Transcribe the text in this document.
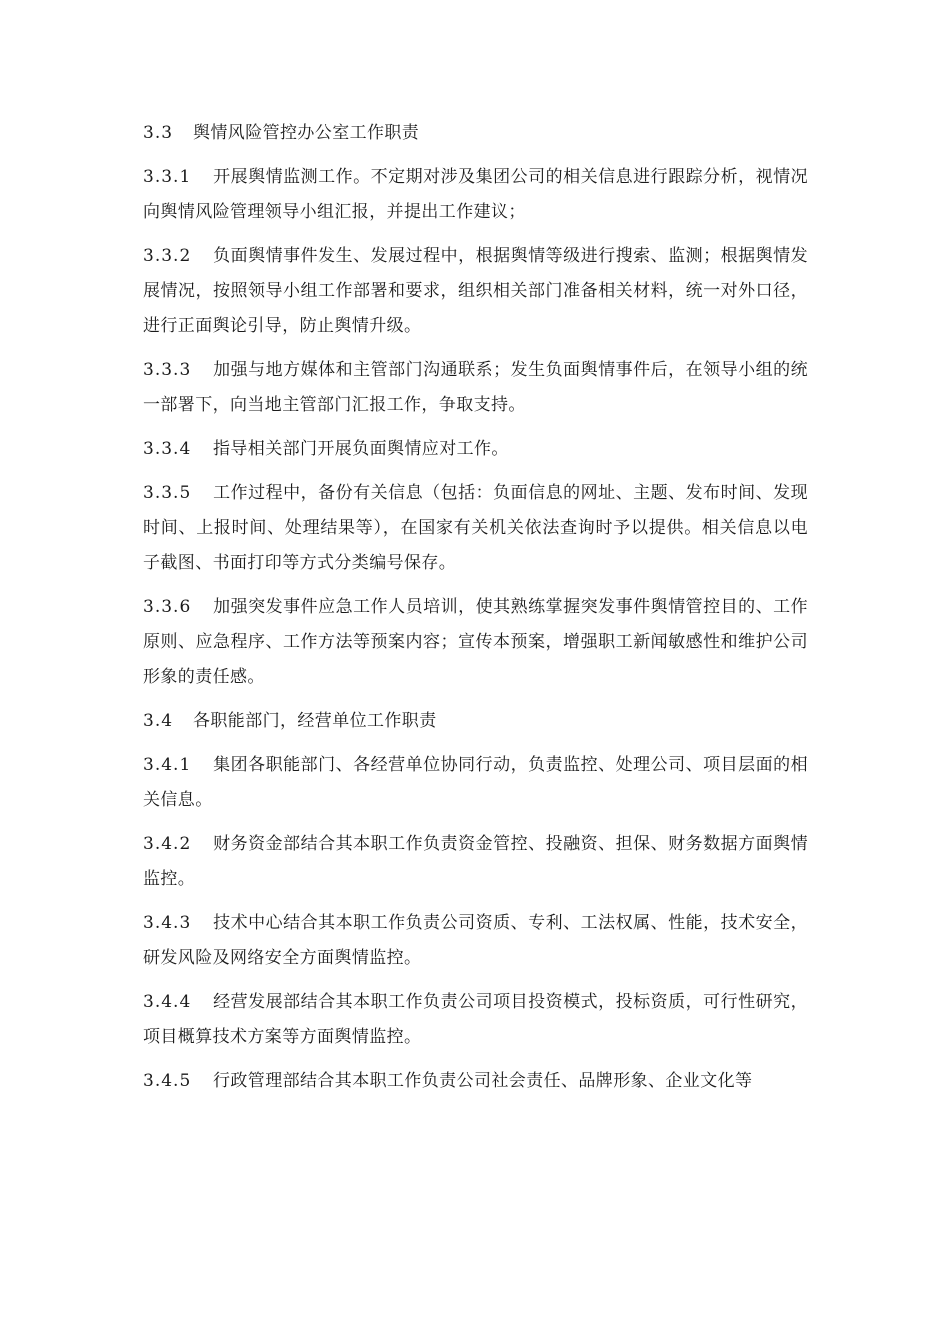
3.3 舆情风险管控办公室工作职责

3.3.1 开展舆情监测工作。不定期对涉及集团公司的相关信息进行跟踪分析，视情况向舆情风险管理领导小组汇报，并提出工作建议；

3.3.2 负面舆情事件发生、发展过程中，根据舆情等级进行搜索、监测；根据舆情发展情况，按照领导小组工作部署和要求，组织相关部门准备相关材料，统一对外口径，进行正面舆论引导，防止舆情升级。

3.3.3 加强与地方媒体和主管部门沟通联系；发生负面舆情事件后，在领导小组的统一部署下，向当地主管部门汇报工作，争取支持。

3.3.4 指导相关部门开展负面舆情应对工作。

3.3.5 工作过程中，备份有关信息（包括：负面信息的网址、主题、发布时间、发现时间、上报时间、处理结果等），在国家有关机关依法查询时予以提供。相关信息以电子截图、书面打印等方式分类编号保存。

3.3.6 加强突发事件应急工作人员培训，使其熟练掌握突发事件舆情管控目的、工作原则、应急程序、工作方法等预案内容；宣传本预案，增强职工新闻敏感性和维护公司形象的责任感。

3.4 各职能部门，经营单位工作职责

3.4.1 集团各职能部门、各经营单位协同行动，负责监控、处理公司、项目层面的相关信息。

3.4.2 财务资金部结合其本职工作负责资金管控、投融资、担保、财务数据方面舆情监控。

3.4.3 技术中心结合其本职工作负责公司资质、专利、工法权属、性能，技术安全，研发风险及网络安全方面舆情监控。

3.4.4 经营发展部结合其本职工作负责公司项目投资模式，投标资质，可行性研究，项目概算技术方案等方面舆情监控。

3.4.5 行政管理部结合其本职工作负责公司社会责任、品牌形象、企业文化等
